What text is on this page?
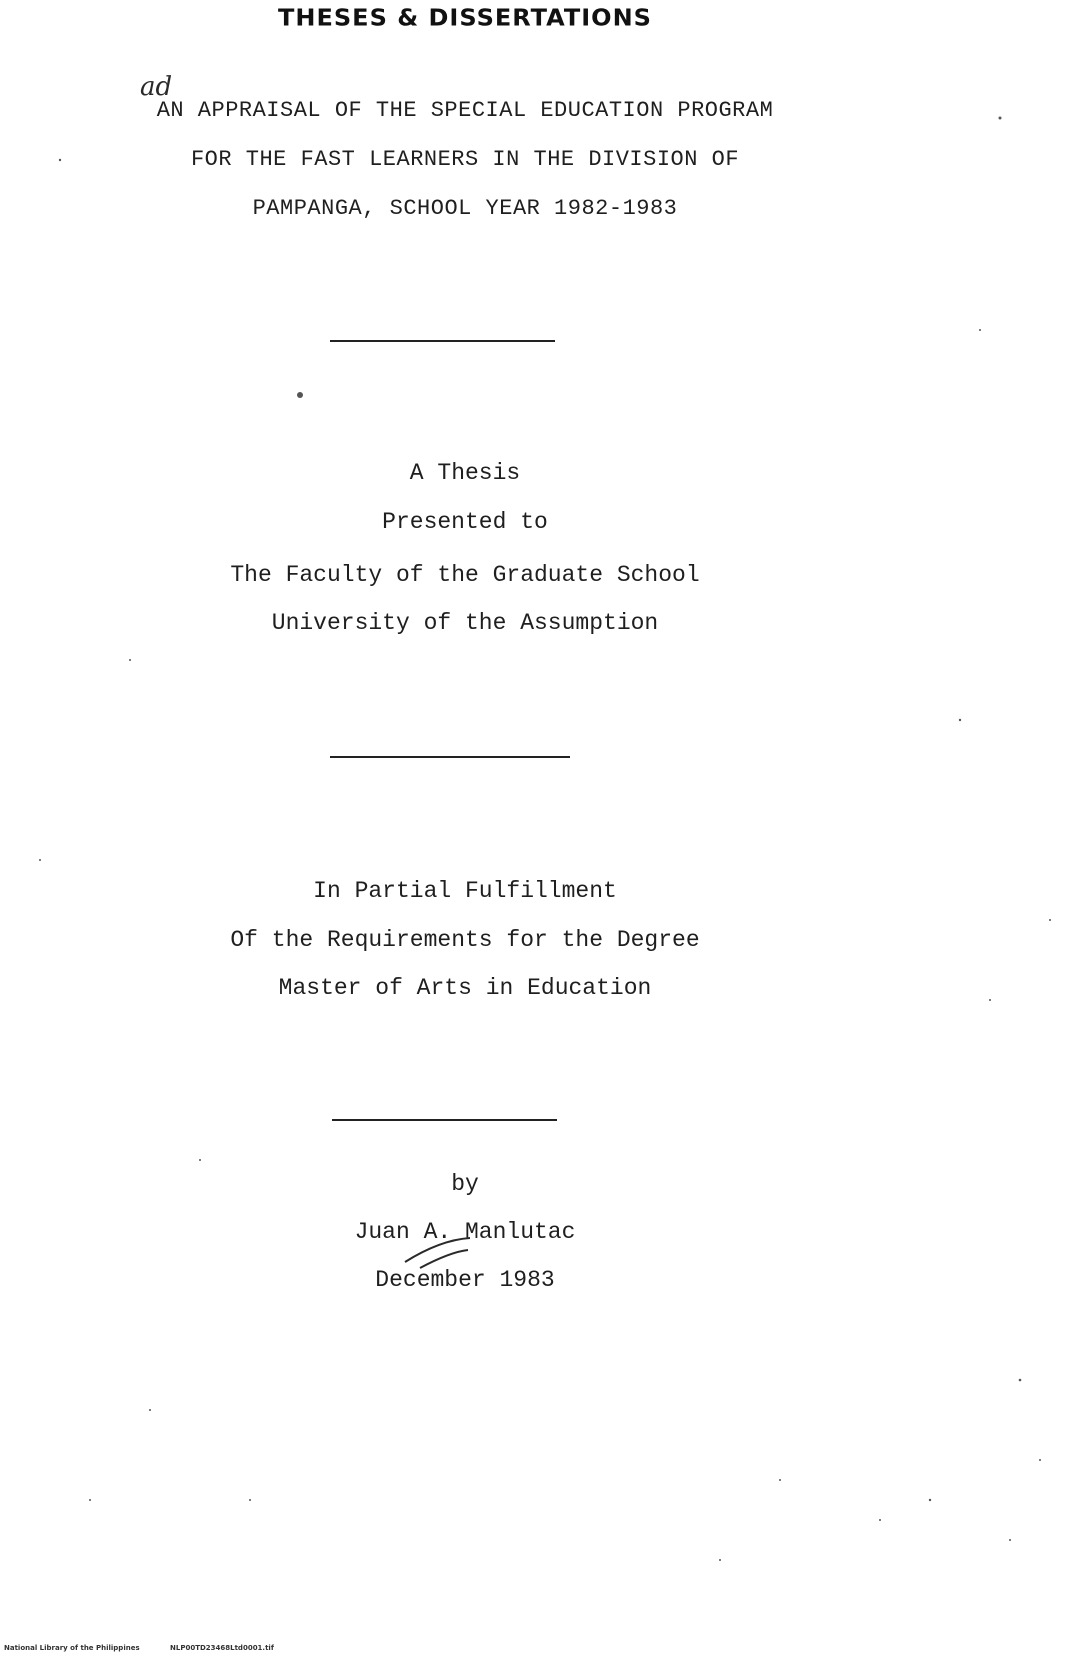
THESES & DISSERTATIONS
ad
AN APPRAISAL OF THE SPECIAL EDUCATION PROGRAM
FOR THE FAST LEARNERS IN THE DIVISION OF
PAMPANGA, SCHOOL YEAR 1982-1983
A Thesis
Presented to
The Faculty of the Graduate School
University of the Assumption
In Partial Fulfillment
Of the Requirements for the Degree
Master of Arts in Education
by
Juan A. Manlutac
December 1983
National Library of the Philippines	NLP00TD23468Ltd0001.tif
